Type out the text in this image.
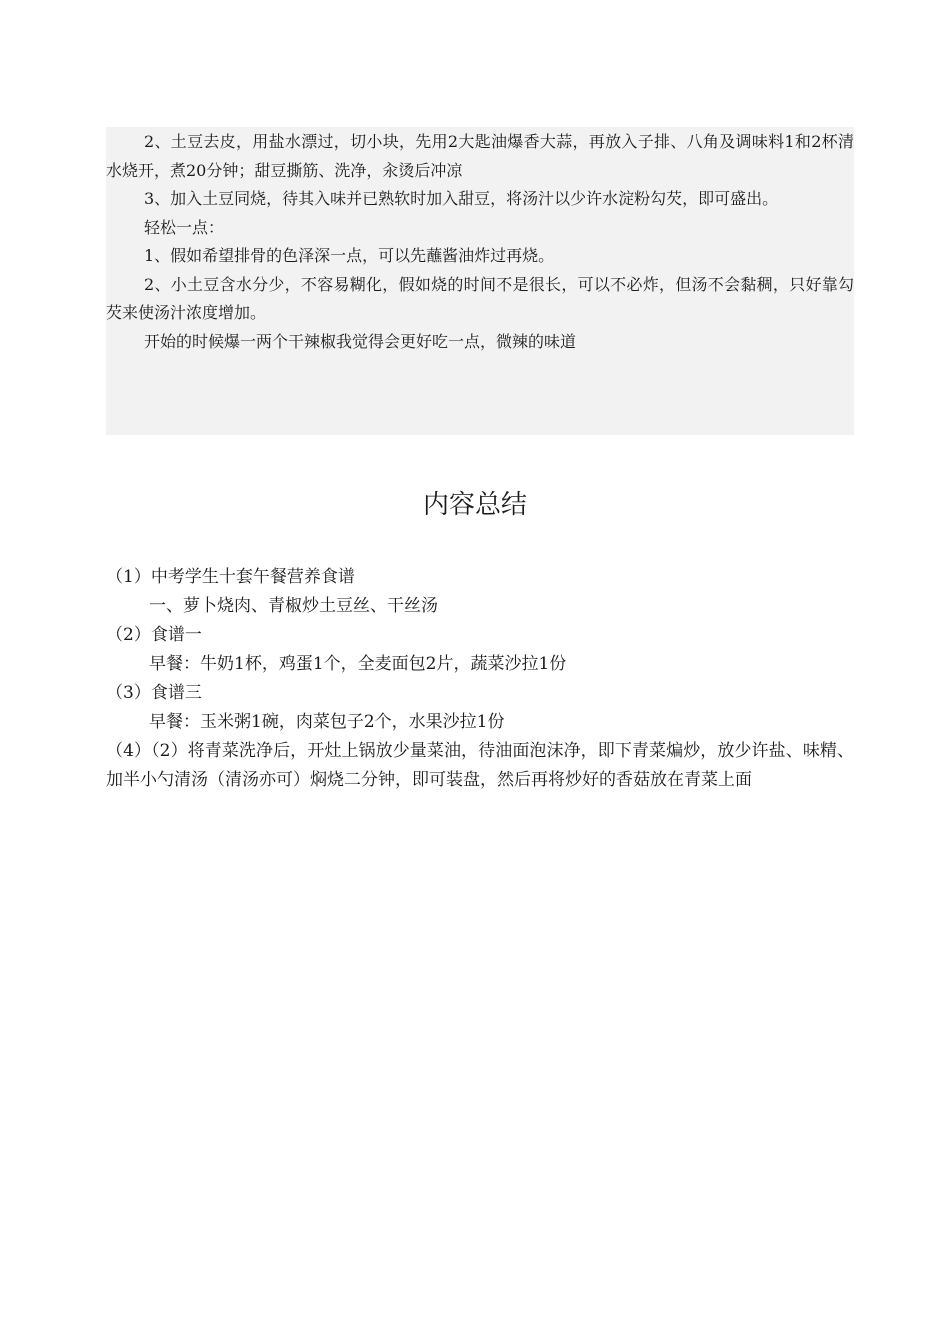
2、土豆去皮，用盐水漂过，切小块，先用2大匙油爆香大蒜，再放入子排、八角及调味料1和2杯清水烧开，煮20分钟；甜豆撕筋、洗净，汆烫后冲凉

3、加入土豆同烧，待其入味并已熟软时加入甜豆，将汤汁以少许水淀粉勾芡，即可盛出。

轻松一点：

1、假如希望排骨的色泽深一点，可以先蘸酱油炸过再烧。

2、小土豆含水分少，不容易糊化，假如烧的时间不是很长，可以不必炸，但汤不会黏稠，只好靠勾芡来使汤汁浓度增加。

开始的时候爆一两个干辣椒我觉得会更好吃一点，微辣的味道

内容总结

（1）中考学生十套午餐营养食谱

一、萝卜烧肉、青椒炒土豆丝、干丝汤

（2）食谱一

早餐：牛奶1杯，鸡蛋1个，全麦面包2片，蔬菜沙拉1份

（3）食谱三

早餐：玉米粥1碗，肉菜包子2个，水果沙拉1份

（4）（2）将青菜洗净后，开灶上锅放少量菜油，待油面泡沫净，即下青菜煸炒，放少许盐、味精、加半小勺清汤（清汤亦可）焖烧二分钟，即可装盘，然后再将炒好的香菇放在青菜上面
